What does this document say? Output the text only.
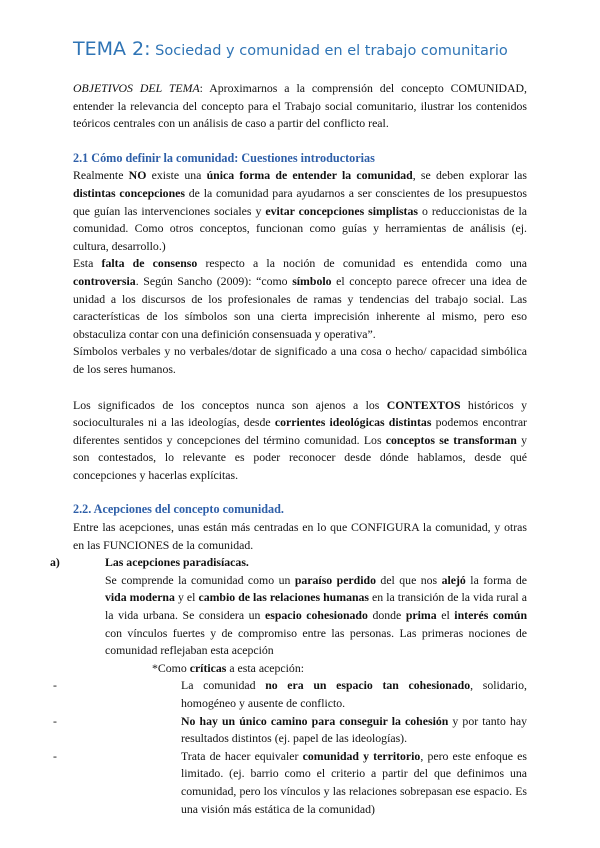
TEMA 2: Sociedad y comunidad en el trabajo comunitario

OBJETIVOS DEL TEMA: Aproximarnos a la comprensión del concepto COMUNIDAD, entender la relevancia del concepto para el Trabajo social comunitario, ilustrar los contenidos teóricos centrales con un análisis de caso a partir del conflicto real.

2.1 Cómo definir la comunidad: Cuestiones introductorias

Realmente NO existe una única forma de entender la comunidad, se deben explorar las distintas concepciones de la comunidad para ayudarnos a ser conscientes de los presupuestos que guían las intervenciones sociales y evitar concepciones simplistas o reduccionistas de la comunidad. Como otros conceptos, funcionan como guías y herramientas de análisis (ej. cultura, desarrollo.)

Esta falta de consenso respecto a la noción de comunidad es entendida como una controversia. Según Sancho (2009): “como símbolo el concepto parece ofrecer una idea de unidad a los discursos de los profesionales de ramas y tendencias del trabajo social. Las características de los símbolos son una cierta imprecisión inherente al mismo, pero eso obstaculiza contar con una definición consensuada y operativa”.

Símbolos verbales y no verbales/dotar de significado a una cosa o hecho/ capacidad simbólica de los seres humanos.

Los significados de los conceptos nunca son ajenos a los CONTEXTOS históricos y socioculturales ni a las ideologías, desde corrientes ideológicas distintas podemos encontrar diferentes sentidos y concepciones del término comunidad. Los conceptos se transforman y son contestados, lo relevante es poder reconocer desde dónde hablamos, desde qué concepciones y hacerlas explícitas.

2.2. Acepciones del concepto comunidad.

Entre las acepciones, unas están más centradas en lo que CONFIGURA la comunidad, y otras en las FUNCIONES de la comunidad.

a)	Las acepciones paradisíacas.

Se comprende la comunidad como un paraíso perdido del que nos alejó la forma de vida moderna y el cambio de las relaciones humanas en la transición de la vida rural a la vida urbana. Se considera un espacio cohesionado donde prima el interés común con vínculos fuertes y de compromiso entre las personas. Las primeras nociones de comunidad reflejaban esta acepción

*Como críticas a esta acepción:

-	La comunidad no era un espacio tan cohesionado, solidario, homogéneo y ausente de conflicto.

-	No hay un único camino para conseguir la cohesión y por tanto hay resultados distintos (ej. papel de las ideologías).

-	Trata de hacer equivaler comunidad y territorio, pero este enfoque es limitado. (ej. barrio como el criterio a partir del que definimos una comunidad, pero los vínculos y las relaciones sobrepasan ese espacio. Es una visión más estática de la comunidad)
